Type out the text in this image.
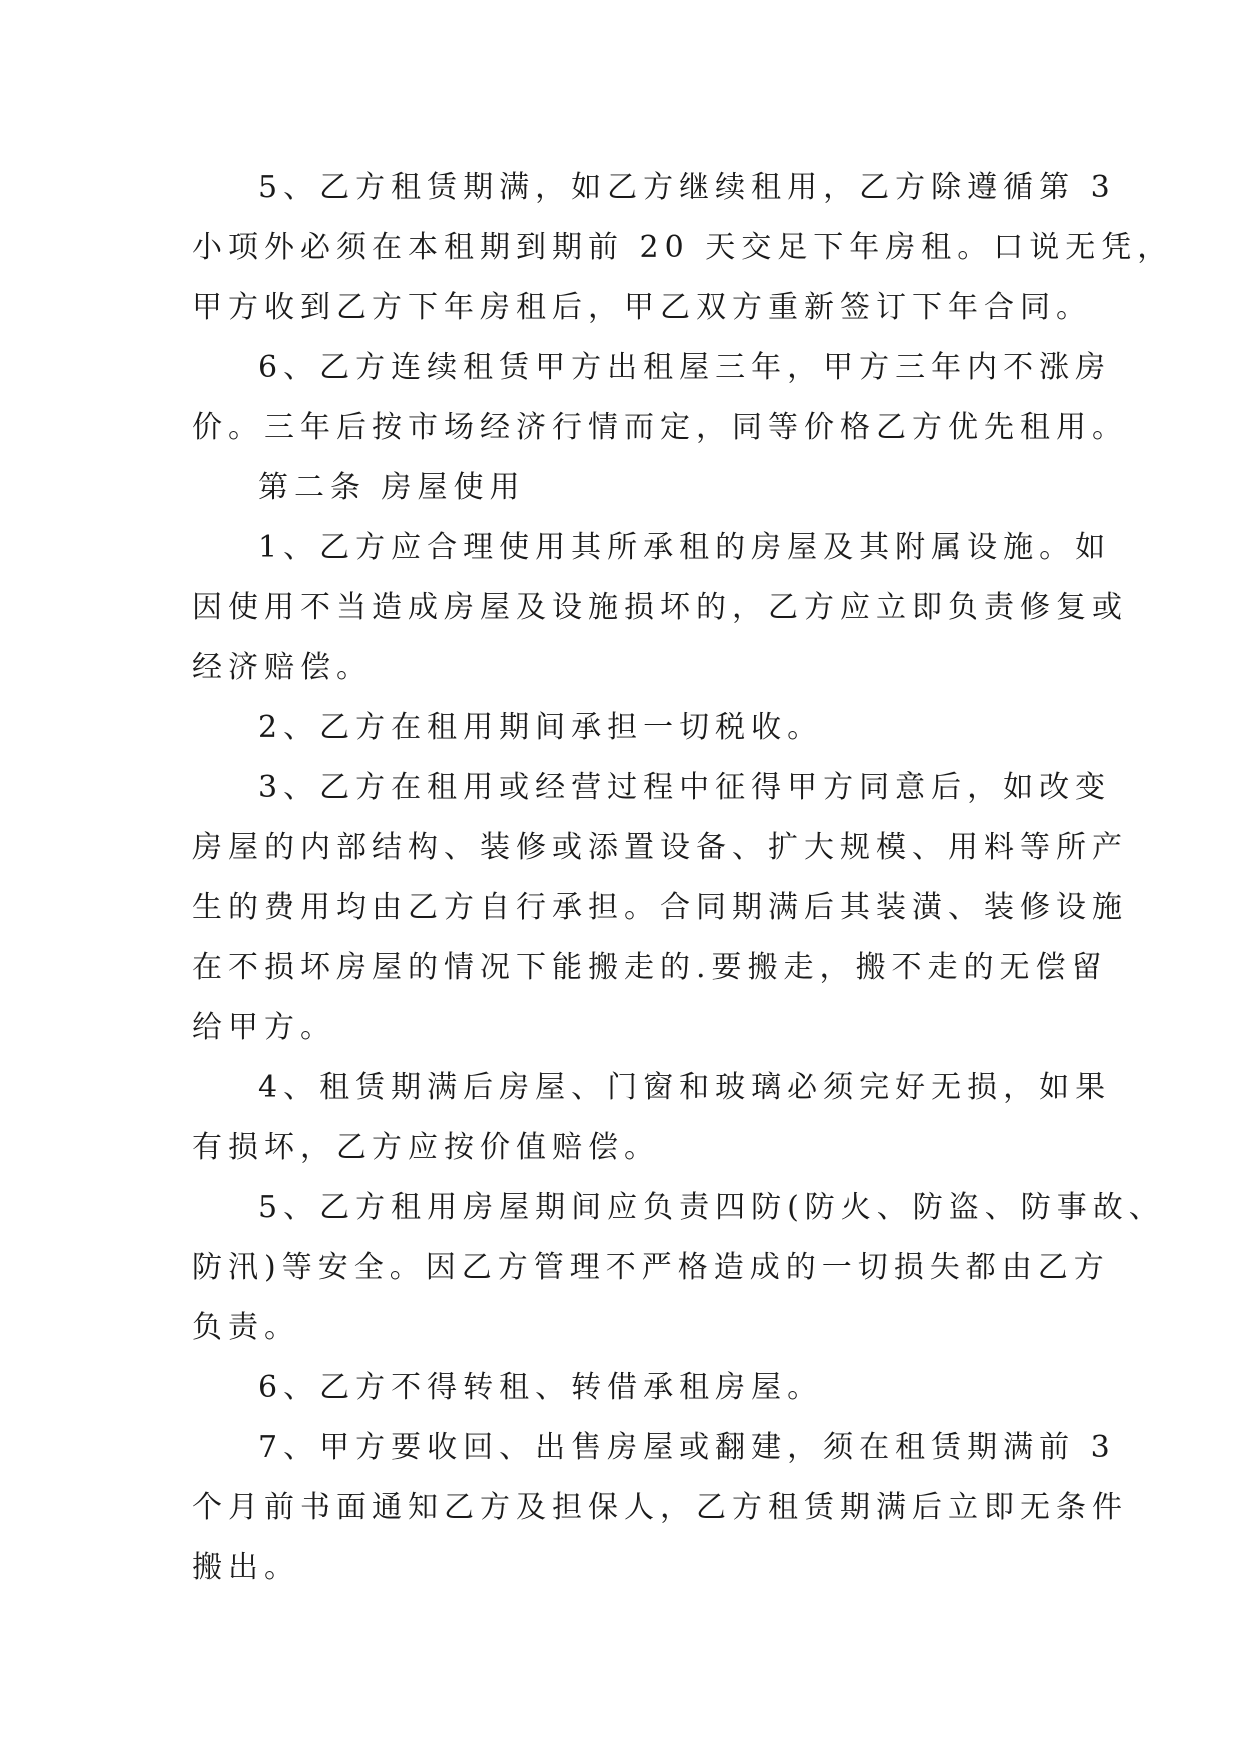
5、乙方租赁期满，如乙方继续租用，乙方除遵循第 3
小项外必须在本租期到期前 20 天交足下年房租。口说无凭，
甲方收到乙方下年房租后，甲乙双方重新签订下年合同。

6、乙方连续租赁甲方出租屋三年，甲方三年内不涨房
价。三年后按市场经济行情而定，同等价格乙方优先租用。

第二条 房屋使用

1、乙方应合理使用其所承租的房屋及其附属设施。如
因使用不当造成房屋及设施损坏的，乙方应立即负责修复或
经济赔偿。

2、乙方在租用期间承担一切税收。

3、乙方在租用或经营过程中征得甲方同意后，如改变
房屋的内部结构、装修或添置设备、扩大规模、用料等所产
生的费用均由乙方自行承担。合同期满后其装潢、装修设施
在不损坏房屋的情况下能搬走的.要搬走，搬不走的无偿留
给甲方。

4、租赁期满后房屋、门窗和玻璃必须完好无损，如果
有损坏，乙方应按价值赔偿。

5、乙方租用房屋期间应负责四防(防火、防盗、防事故、
防汛)等安全。因乙方管理不严格造成的一切损失都由乙方
负责。

6、乙方不得转租、转借承租房屋。

7、甲方要收回、出售房屋或翻建，须在租赁期满前 3
个月前书面通知乙方及担保人，乙方租赁期满后立即无条件
搬出。
